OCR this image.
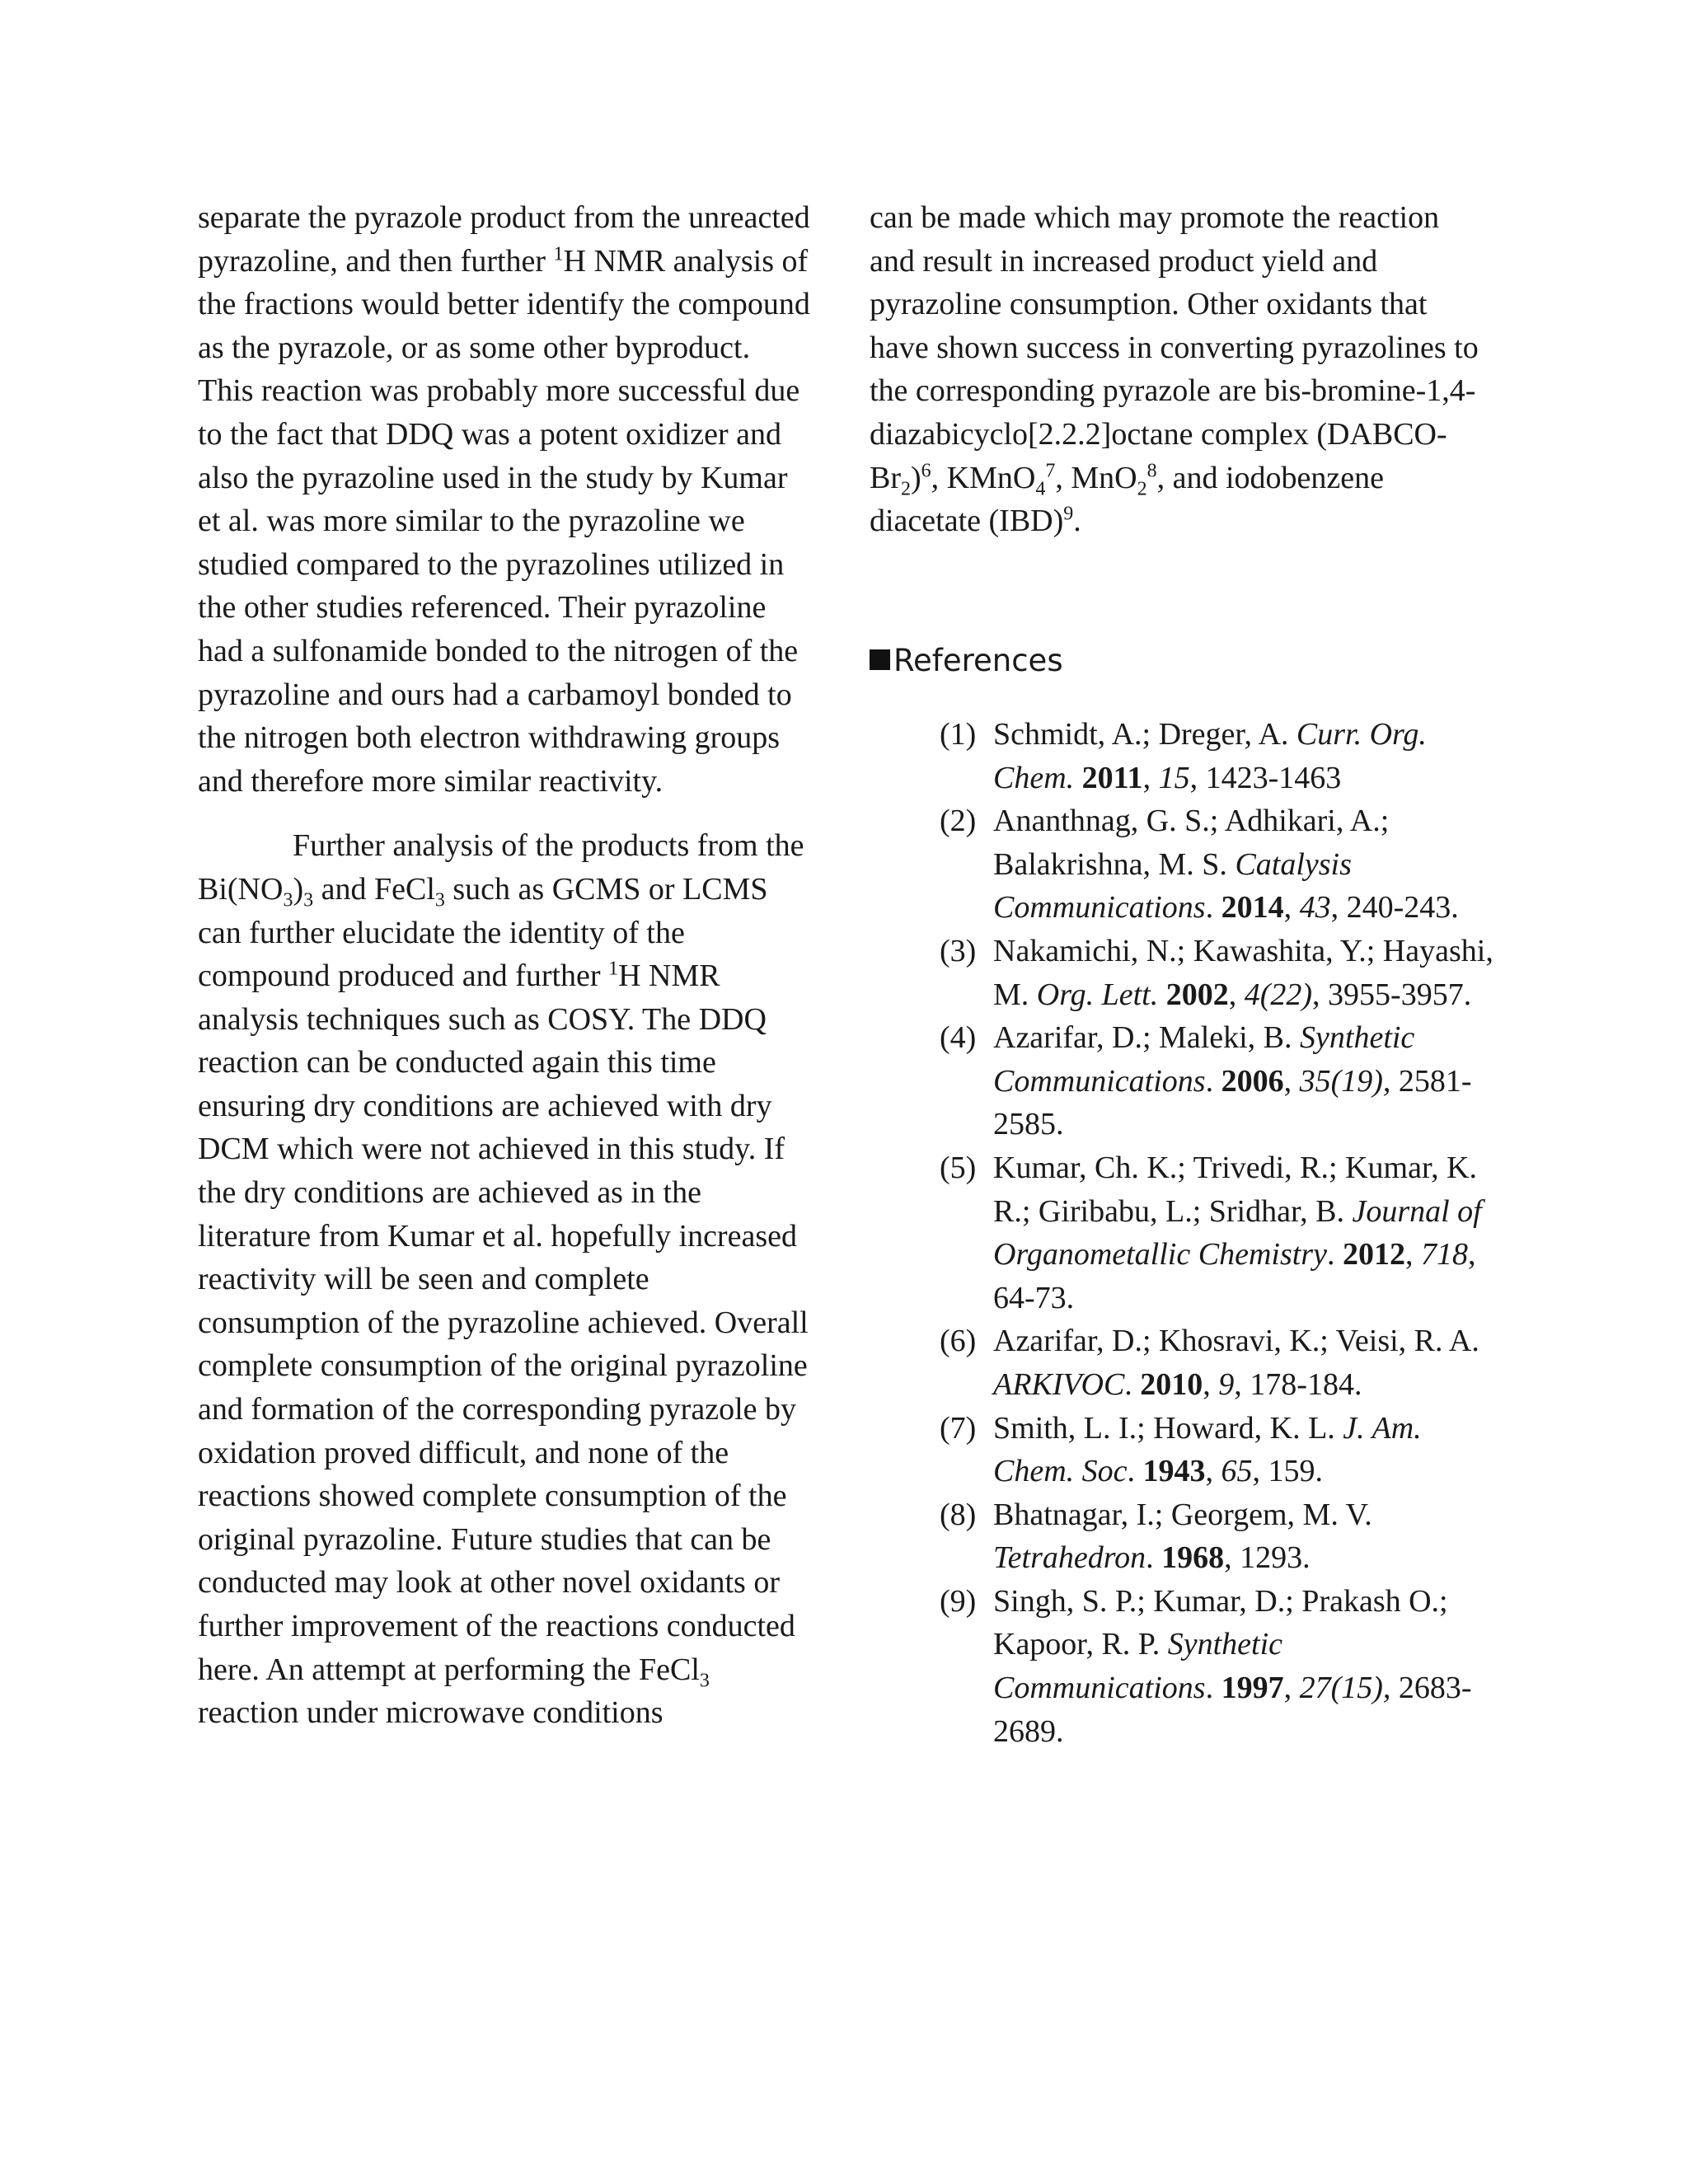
separate the pyrazole product from the unreacted pyrazoline, and then further $^1$H NMR analysis of the fractions would better identify the compound as the pyrazole, or as some other byproduct. This reaction was probably more successful due to the fact that DDQ was a potent oxidizer and also the pyrazoline used in the study by Kumar et al. was more similar to the pyrazoline we studied compared to the pyrazolines utilized in the other studies referenced. Their pyrazoline had a sulfonamide bonded to the nitrogen of the pyrazoline and ours had a carbamoyl bonded to the nitrogen both electron withdrawing groups and therefore more similar reactivity.

Further analysis of the products from the $Bi(NO_3)_3$ and FeCl$_3$ such as GCMS or LCMS can further elucidate the identity of the compound produced and further $^1$H NMR analysis techniques such as COSY. The DDQ reaction can be conducted again this time ensuring dry conditions are achieved with dry DCM which were not achieved in this study. If the dry conditions are achieved as in the literature from Kumar et al. hopefully increased reactivity will be seen and complete consumption of the pyrazoline achieved. Overall complete consumption of the original pyrazoline and formation of the corresponding pyrazole by oxidation proved difficult, and none of the reactions showed complete consumption of the original pyrazoline. Future studies that can be conducted may look at other novel oxidants or further improvement of the reactions conducted here. An attempt at performing the FeCl$_3$ reaction under microwave conditions

can be made which may promote the reaction and result in increased product yield and pyrazoline consumption. Other oxidants that have shown success in converting pyrazolines to the corresponding pyrazole are bis-bromine-1,4-diazabicyclo[2.2.2]octane complex $(DABCO-Br_2)^6$, KMnO$_4^7$, MnO$_2^8$, and iodobenzene diacetate (IBD)$^9$.

References
(1) Schmidt, A.; Dreger, A. Curr. Org. Chem. 2011, 15, 1423-1463
(2) Ananthnag, G. S.; Adhikari, A.; Balakrishna, M. S. Catalysis Communications. 2014, 43, 240-243.
(3) Nakamichi, N.; Kawashita, Y.; Hayashi, M. Org. Lett. 2002, 4(22), 3955-3957.
(4) Azarifar, D.; Maleki, B. Synthetic Communications. 2006, 35(19), 2581-2585.
(5) Kumar, Ch. K.; Trivedi, R.; Kumar, K. R.; Giribabu, L.; Sridhar, B. Journal of Organometallic Chemistry. 2012, 718, 64-73.
(6) Azarifar, D.; Khosravi, K.; Veisi, R. A. ARKIVOC. 2010, 9, 178-184.
(7) Smith, L. I.; Howard, K. L. J. Am. Chem. Soc. 1943, 65, 159.
(8) Bhatnagar, I.; Georgem, M. V. Tetrahedron. 1968, 1293.
(9) Singh, S. P.; Kumar, D.; Prakash O.; Kapoor, R. P. Synthetic Communications. 1997, 27(15), 2683-2689.
